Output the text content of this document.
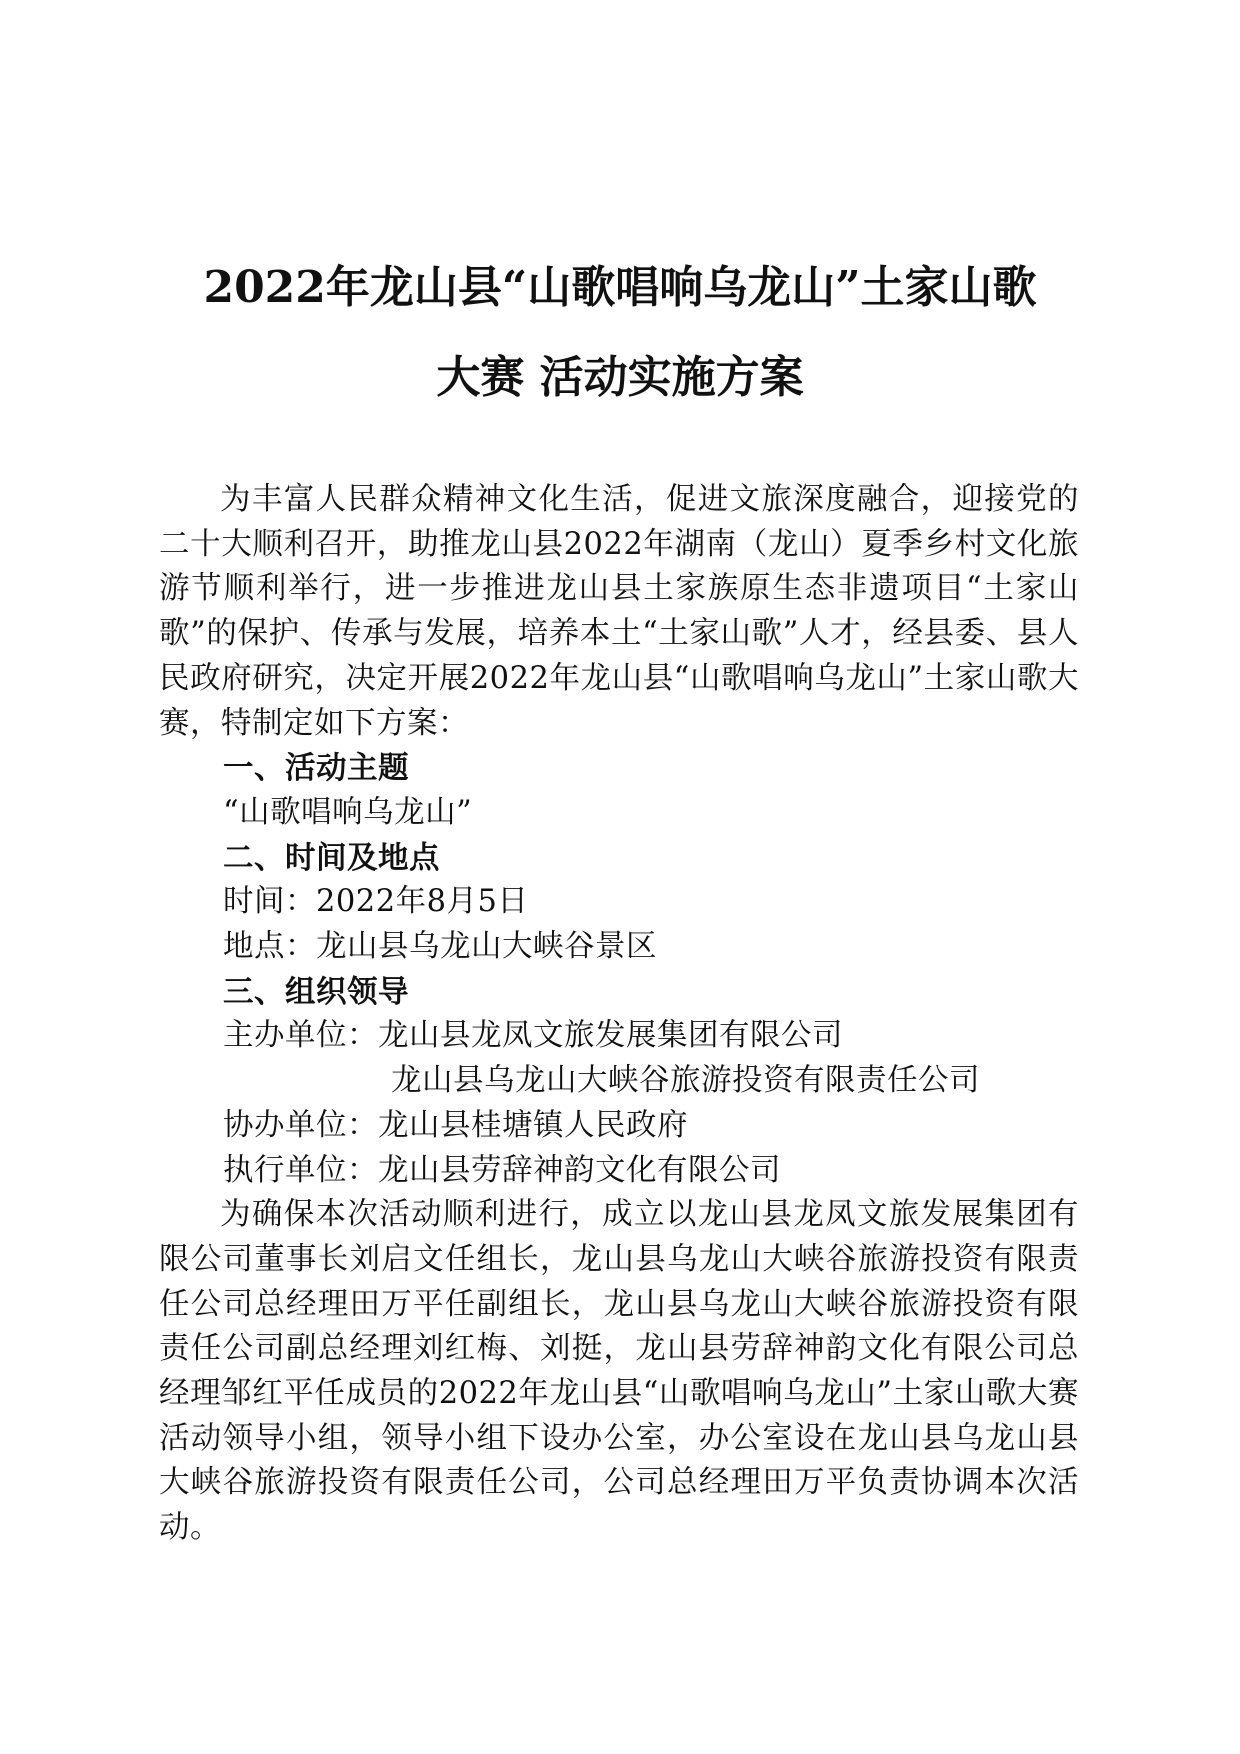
2022年龙山县“山歌唱响乌龙山”土家山歌
大赛 活动实施方案

为丰富人民群众精神文化生活，促进文旅深度融合，迎接党的二十大顺利召开，助推龙山县2022年湖南（龙山）夏季乡村文化旅游节顺利举行，进一步推进龙山县土家族原生态非遗项目“土家山歌”的保护、传承与发展，培养本土“土家山歌”人才，经县委、县人民政府研究，决定开展2022年龙山县“山歌唱响乌龙山”土家山歌大赛，特制定如下方案：

一、活动主题

“山歌唱响乌龙山”

二、时间及地点

时间：2022年8月5日

地点：龙山县乌龙山大峡谷景区

三、组织领导

主办单位：龙山县龙凤文旅发展集团有限公司

龙山县乌龙山大峡谷旅游投资有限责任公司

协办单位：龙山县桂塘镇人民政府

执行单位：龙山县劳辞神韵文化有限公司

为确保本次活动顺利进行，成立以龙山县龙凤文旅发展集团有限公司董事长刘启文任组长，龙山县乌龙山大峡谷旅游投资有限责任公司总经理田万平任副组长，龙山县乌龙山大峡谷旅游投资有限责任公司副总经理刘红梅、刘挺，龙山县劳辞神韵文化有限公司总经理邹红平任成员的2022年龙山县“山歌唱响乌龙山”土家山歌大赛活动领导小组，领导小组下设办公室，办公室设在龙山县乌龙山县大峡谷旅游投资有限责任公司，公司总经理田万平负责协调本次活动。
